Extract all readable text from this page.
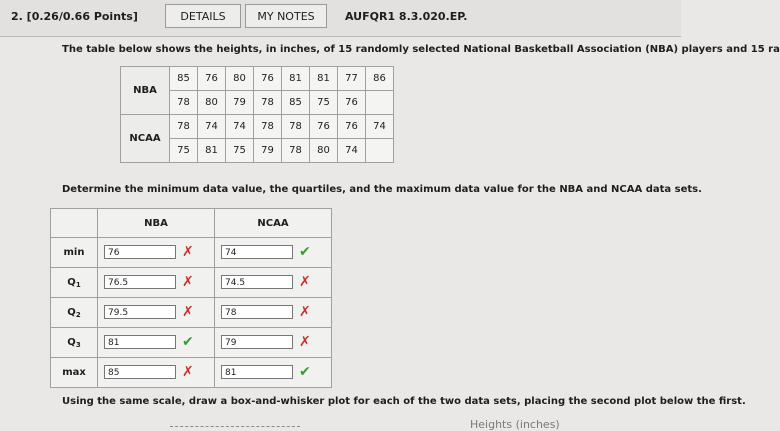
2. [0.26/0.66 Points]	DETAILS	MY NOTES	AUFQR1 8.3.020.EP.
The table below shows the heights, in inches, of 15 randomly selected National Basketball Association (NBA) players and 15 ra
NBA	85	76	80	76	81	81	77	86
	78	80	79	78	85	75	76	
NCAA	78	74	74	78	78	76	76	74
	75	81	75	79	78	80	74	
Determine the minimum data value, the quartiles, and the maximum data value for the NBA and NCAA data sets.
	NBA	NCAA
min	76 ✗	74 ✔

$Q_1$	76.5 ✗	74.5 ✗

$Q_2$	79.5 ✗	78 ✗

$Q_3$	81 ✔	79 ✗

max	85 ✗	81 ✔
Using the same scale, draw a box-and-whisker plot for each of the two data sets, placing the second plot below the first.
Heights (inches)
